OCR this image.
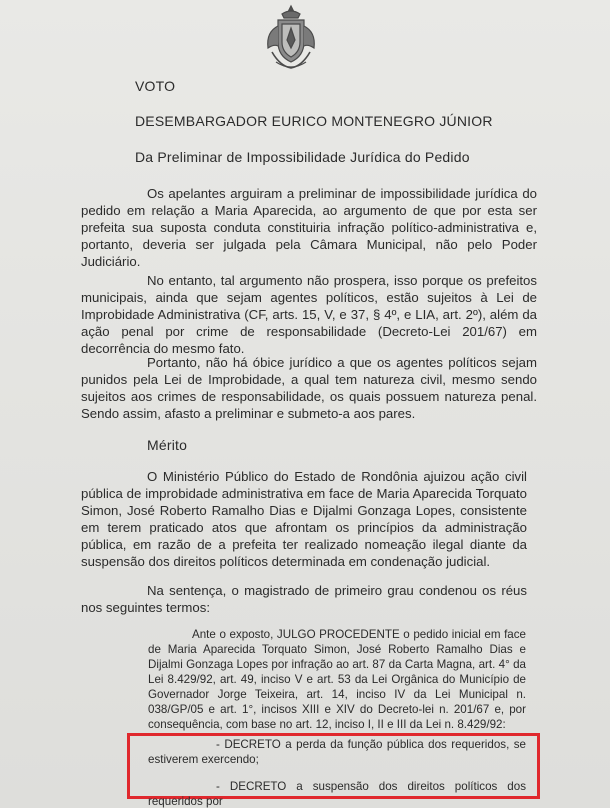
VOTO
DESEMBARGADOR EURICO MONTENEGRO JÚNIOR
Da Preliminar de Impossibilidade Jurídica do Pedido

Os apelantes arguiram a preliminar de impossibilidade jurídica do pedido em relação a Maria Aparecida, ao argumento de que por esta ser prefeita sua suposta conduta constituiria infração político-administrativa e, portanto, deveria ser julgada pela Câmara Municipal, não pelo Poder Judiciário.

No entanto, tal argumento não prospera, isso porque os prefeitos municipais, ainda que sejam agentes políticos, estão sujeitos à Lei de Improbidade Administrativa (CF, arts. 15, V, e 37, § 4º, e LIA, art. 2º), além da ação penal por crime de responsabilidade (Decreto-Lei 201/67) em decorrência do mesmo fato.

Portanto, não há óbice jurídico a que os agentes políticos sejam punidos pela Lei de Improbidade, a qual tem natureza civil, mesmo sendo sujeitos aos crimes de responsabilidade, os quais possuem natureza penal. Sendo assim, afasto a preliminar e submeto-a aos pares.

Mérito

O Ministério Público do Estado de Rondônia ajuizou ação civil pública de improbidade administrativa em face de Maria Aparecida Torquato Simon, José Roberto Ramalho Dias e Dijalmi Gonzaga Lopes, consistente em terem praticado atos que afrontam os princípios da administração pública, em razão de a prefeita ter realizado nomeação ilegal diante da suspensão dos direitos políticos determinada em condenação judicial.

Na sentença, o magistrado de primeiro grau condenou os réus nos seguintes termos:

Ante o exposto, JULGO PROCEDENTE o pedido inicial em face de Maria Aparecida Torquato Simon, José Roberto Ramalho Dias e Dijalmi Gonzaga Lopes por infração ao art. 87 da Carta Magna, art. 4° da Lei 8.429/92, art. 49, inciso V e art. 53 da Lei Orgânica do Município de Governador Jorge Teixeira, art. 14, inciso IV da Lei Municipal n. 038/GP/05 e art. 1°, incisos XIII e XIV do Decreto-lei n. 201/67 e, por consequência, com base no art. 12, inciso I, II e III da Lei n. 8.429/92:

- DECRETO a perda da função pública dos requeridos, se estiverem exercendo;

- DECRETO a suspensão dos direitos políticos dos requeridos por
